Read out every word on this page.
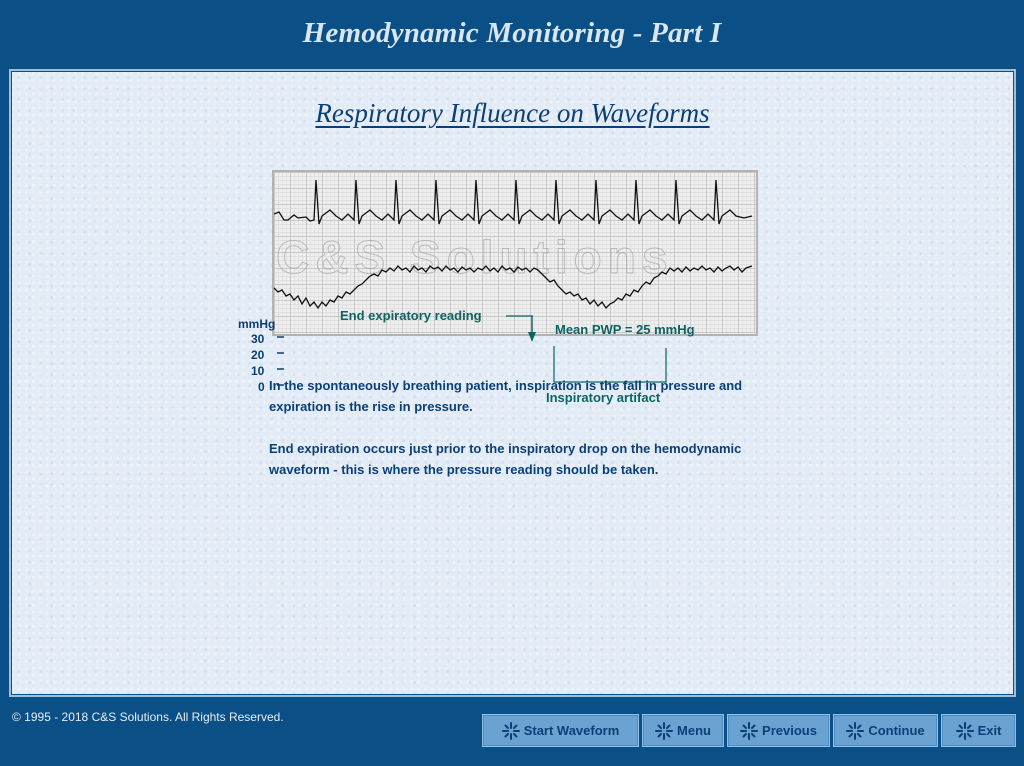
Hemodynamic Monitoring - Part I
Respiratory Influence on Waveforms
C&S Solutions
mmHg
30
20
10
0
End expiratory reading
Mean PWP = 25 mmHg
Inspiratory artifact

In the spontaneously breathing patient, inspiration is the fall in pressure and expiration is the rise in pressure.

End expiration occurs just prior to the inspiratory drop on the hemodynamic waveform - this is where the pressure reading should be taken.

© 1995 - 2018 C&S Solutions. All Rights Reserved.
Start Waveform	Menu	Previous	Continue	Exit
